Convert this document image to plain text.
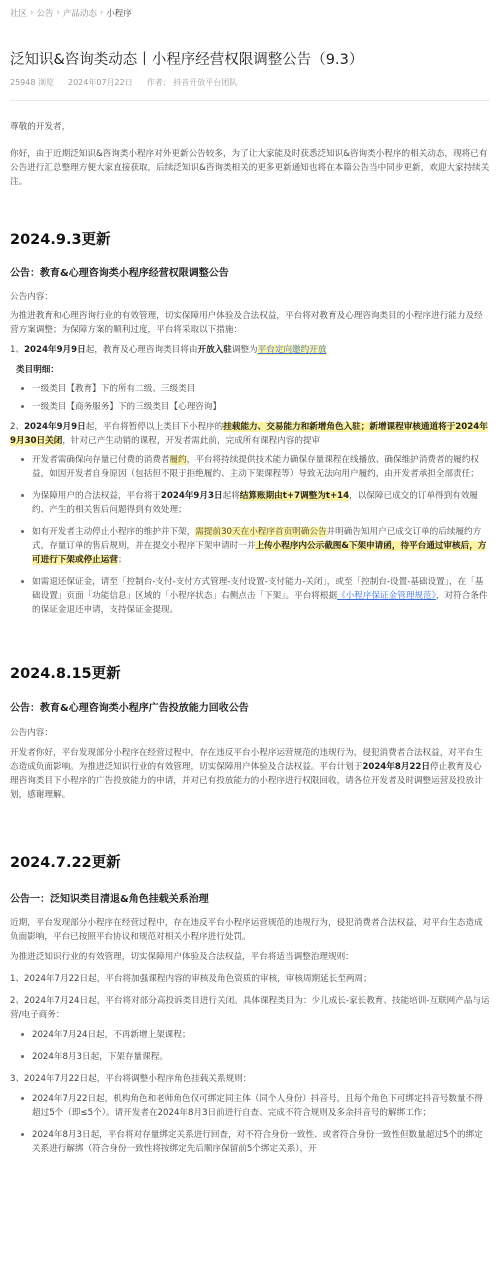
社区 › 公告 › 产品动态 › 小程序
泛知识&咨询类动态丨小程序经营权限调整公告（9.3）
25948 浏览 2024年07月22日 作者： 抖音开放平台团队

尊敬的开发者，

你好，由于近期泛知识&咨询类小程序对外更新公告较多，为了让大家能及时获悉泛知识&咨询类小程序的相关动态，现将已有公告进行汇总整理方便大家直接获取，后续泛知识&咨询类相关的更多更新通知也将在本篇公告当中同步更新，欢迎大家持续关注。

2024.9.3更新
公告：教育&心理咨询类小程序经营权限调整公告

公告内容：

为推进教育和心理咨询行业的有效管理，切实保障用户体验及合法权益，平台将对教育及心理咨询类目的小程序进行能力及经营方案调整；为保障方案的顺利过度，平台将采取以下措施：

1、2024年9月9日起，教育及心理咨询类目将由开放入驻调整为平台定向邀约开放

类目明细：

一级类目【教育】下的所有二级、三级类目
一级类目【商务服务】下的三级类目【心理咨询】

2、2024年9月9日起，平台将暂停以上类目下小程序的挂载能力、交易能力和新增角色入驻；新增课程审核通道将于2024年9月30日关闭，针对已产生动销的课程，开发者需此前，完成所有课程内容的提审

开发者需确保向存量已付费的消费者履约，平台将持续提供技术能力确保存量课程在线播放、确保维护消费者的履约权益，如因开发者自身原因（包括但不限于拒绝履约、主动下架课程等）导致无法向用户履约，由开发者承担全部责任；
为保障用户的合法权益，平台将于2024年9月3日起将结算账期由t+7调整为t+14，以保障已成交的订单得到有效履约、产生的相关售后问题得到有效处理；
如有开发者主动停止小程序的维护并下架，需提前30天在小程序首页明确公告并明确告知用户已成交订单的后续履约方式，存量订单的售后规则，并在提交小程序下架申请时一并上传小程序内公示截图&下架申请函，待平台通过审核后，方可进行下架或停止运营；
如需退还保证金，请至「控制台-支付-支付方式管理-支付设置-支付能力-关闭」，或至「控制台-设置-基础设置」，在「基础设置」页面「功能信息」区域的「小程序状态」右侧点击「下架」。平台将根据《小程序保证金管理规范》，对符合条件的保证金退还申请，支持保证金提现。
2024.8.15更新
公告：教育&心理咨询类小程序广告投放能力回收公告

公告内容：

开发者你好，平台发现部分小程序在经营过程中，存在违反平台小程序运营规范的违规行为，侵犯消费者合法权益，对平台生态造成负面影响。为推进泛知识行业的有效管理，切实保障用户体验及合法权益。平台计划于2024年8月22日停止教育及心理咨询类目下小程序的广告投放能力的申请，并对已有投放能力的小程序进行权限回收，请各位开发者及时调整运营及投放计划，感谢理解。

2024.7.22更新
公告一：泛知识类目清退&角色挂载关系治理

近期，平台发现部分小程序在经营过程中，存在违反平台小程序运营规范的违规行为，侵犯消费者合法权益，对平台生态造成负面影响，平台已按照平台协议和规范对相关小程序进行处罚。

为推进泛知识行业的有效管理，切实保障用户体验及合法权益，平台将适当调整治理规则：

1、2024年7月22日起，平台将加强课程内容的审核及角色资质的审核，审核周期延长至两周；

2、2024年7月24日起，平台将对部分高投诉类目进行关闭。具体课程类目为：少儿成长-家长教育、技能培训-互联网产品与运营/电子商务：

2024年7月24日起，不再新增上架课程；
2024年8月3日起，下架存量课程。

3、2024年7月22日起，平台将调整小程序角色挂载关系规则：

2024年7月22日起，机构角色和老师角色仅可绑定同主体（同个人身份）抖音号，且每个角色下可绑定抖音号数量不得超过5个（即≤5个）。请开发者在2024年8月3日前进行自查、完成不符合规则及多余抖音号的解绑工作；
2024年8月3日起，平台将对存量绑定关系进行回查，对不符合身份一致性、或者符合身份一致性但数量超过5个的绑定关系进行解绑（符合身份一致性将按绑定先后顺序保留前5个绑定关系），开
